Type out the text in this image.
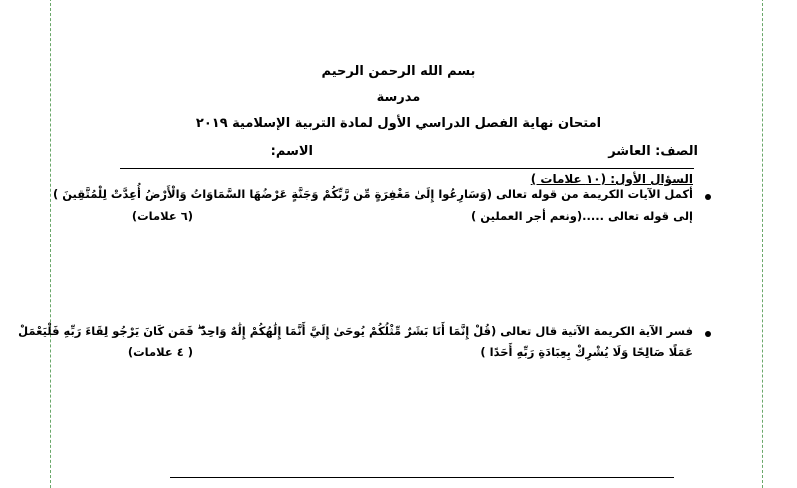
بسم الله الرحمن الرحيم
مدرسة
امتحان نهاية الفصل الدراسي الأول لمادة التربية الإسلامية ٢٠١٩
الصف: العاشر
الاسم:
السؤال الأول: (١٠ علامات )
أكمل الآيات الكريمة من قوله تعالى (وَسَارِعُوا إِلَىٰ مَغْفِرَةٍ مِّن رَّبِّكُمْ وَجَنَّةٍ عَرْضُهَا السَّمَاوَاتُ وَالْأَرْضُ أُعِدَّتْ لِلْمُتَّقِينَ )
إلى قوله تعالى .....(ونعم أجر العملين )
(٦ علامات)
فسر الآية الكريمة الآتية قال تعالى (قُلْ إِنَّمَا أَنَا بَشَرٌ مِّثْلُكُمْ يُوحَىٰ إِلَيَّ أَنَّمَا إِلَٰهُكُمْ إِلَٰهٌ وَاحِدٌ ۖ فَمَن كَانَ يَرْجُو لِقَاءَ رَبِّهِ فَلْيَعْمَلْ
عَمَلًا صَالِحًا وَلَا يُشْرِكْ بِعِبَادَةِ رَبِّهِ أَحَدًا )
( ٤ علامات)
